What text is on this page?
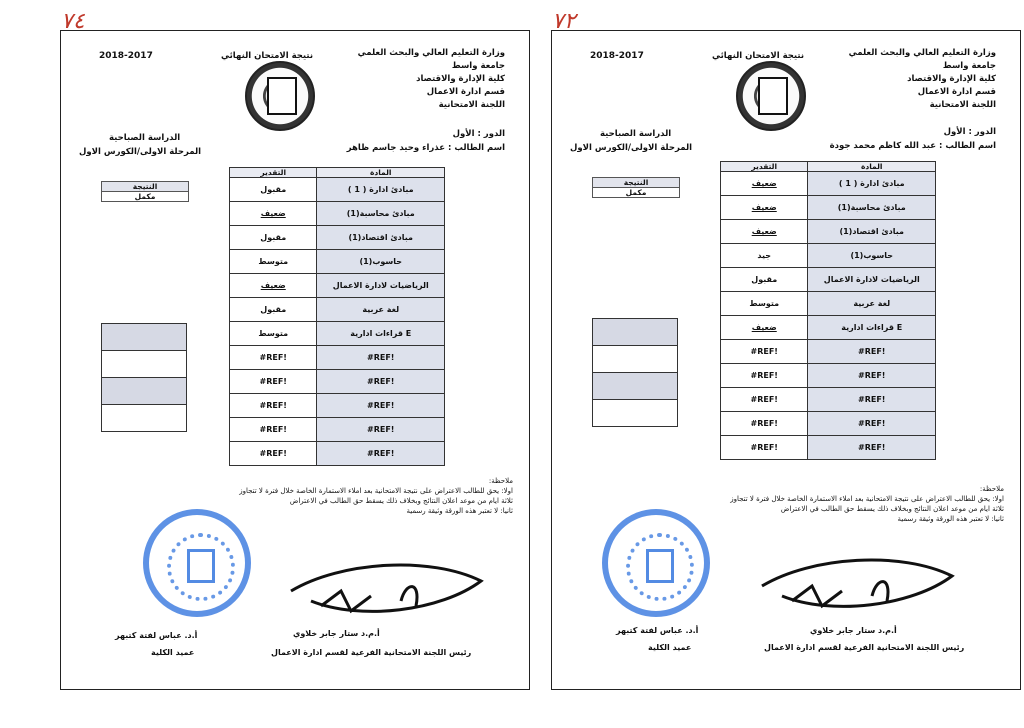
٧٤
وزارة التعليم العالي والبحث العلمي
جامعة واسط
كلية الإدارة والاقتصاد
قسم ادارة الاعمال
اللجنة الامتحانية
نتيجة الامتحان النهائي
2018-2017
الدور : الأول
اسم الطالب : عذراء وحيد جاسم ظاهر
الدراسة الصباحية
المرحلة الاولى/الكورس الاول
النتيجة
مكمل
التقدير	المادة
مقبول	مبادئ ادارة ( 1 )
ضعيف	مبادئ محاسبة(1)
مقبول	مبادئ اقتصاد(1)
متوسط	حاسوب(1)
ضعيف	الرياضيات لادارة الاعمال
مقبول	لغة عربية
متوسط	قراءات ادارية E
#REF!	#REF!
#REF!	#REF!
#REF!	#REF!
#REF!	#REF!
#REF!	#REF!
ملاحظة:
اولا: يحق للطالب الاعتراض على نتيجة الامتحانية بعد املاء الاستمارة الخاصة خلال فترة لا تتجاوز
ثلاثة ايام من موعد اعلان النتائج وبخلاف ذلك يسقط حق الطالب في الاعتراض
ثانيا: لا تعتبر هذه الورقة وثيقة رسمية
أ.م.د ستار جابر خلاوي
رئيس اللجنة الامتحانية الفرعية لقسم ادارة الاعمال
أ.د. عباس لفتة كتبهر
عميد الكلية
٧٢
وزارة التعليم العالي والبحث العلمي
جامعة واسط
كلية الإدارة والاقتصاد
قسم ادارة الاعمال
اللجنة الامتحانية
نتيجة الامتحان النهائي
2018-2017
الدور : الأول
اسم الطالب : عبد الله كاظم محمد جودة
الدراسة الصباحية
المرحلة الاولى/الكورس الاول
النتيجة
مكمل
التقدير	المادة
ضعيف	مبادئ ادارة ( 1 )
ضعيف	مبادئ محاسبة(1)
ضعيف	مبادئ اقتصاد(1)
جيد	حاسوب(1)
مقبول	الرياضيات لادارة الاعمال
متوسط	لغة عربية
ضعيف	قراءات ادارية E
#REF!	#REF!
#REF!	#REF!
#REF!	#REF!
#REF!	#REF!
#REF!	#REF!
ملاحظة:
اولا: يحق للطالب الاعتراض على نتيجة الامتحانية بعد املاء الاستمارة الخاصة خلال فترة لا تتجاوز
ثلاثة ايام من موعد اعلان النتائج وبخلاف ذلك يسقط حق الطالب في الاعتراض
ثانيا: لا تعتبر هذه الورقة وثيقة رسمية
أ.م.د ستار جابر خلاوي
رئيس اللجنة الامتحانية الفرعية لقسم ادارة الاعمال
أ.د. عباس لفتة كتبهر
عميد الكلية
